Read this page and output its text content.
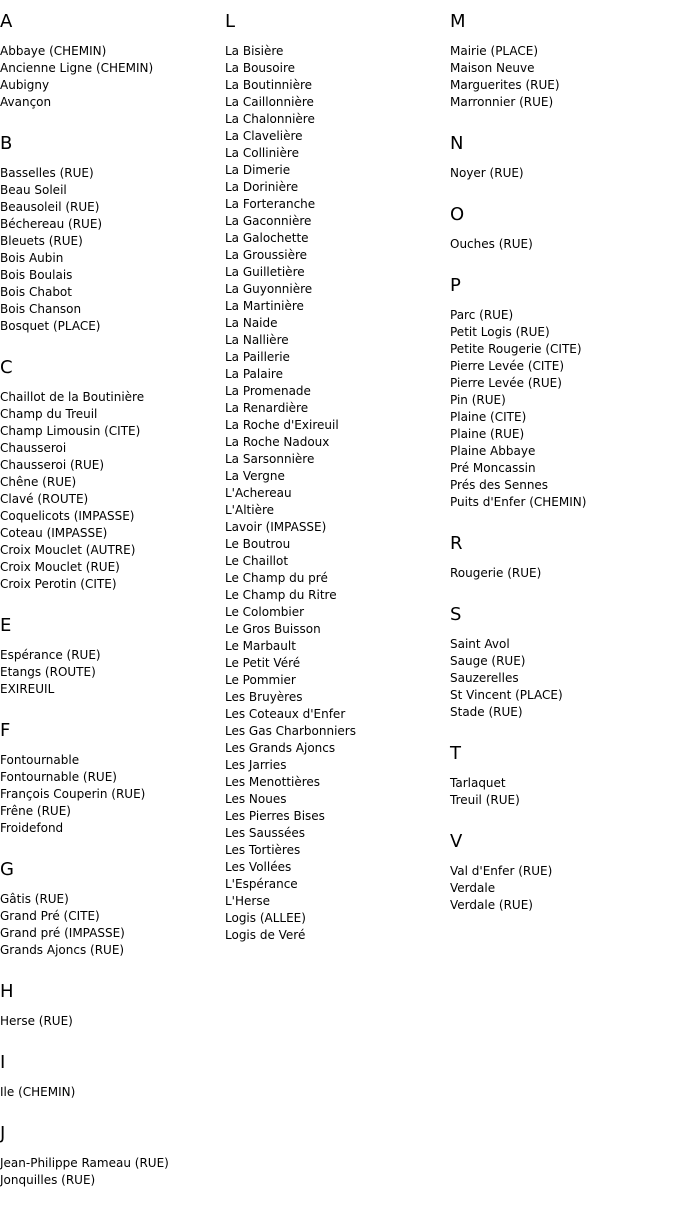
A
Abbaye (CHEMIN)
Ancienne Ligne (CHEMIN)
Aubigny
Avançon
B
Basselles (RUE)
Beau Soleil
Beausoleil (RUE)
Béchereau (RUE)
Bleuets (RUE)
Bois Aubin
Bois Boulais
Bois Chabot
Bois Chanson
Bosquet (PLACE)
C
Chaillot de la Boutinière
Champ du Treuil
Champ Limousin (CITE)
Chausseroi
Chausseroi (RUE)
Chêne (RUE)
Clavé (ROUTE)
Coquelicots (IMPASSE)
Coteau (IMPASSE)
Croix Mouclet (AUTRE)
Croix Mouclet (RUE)
Croix Perotin (CITE)
E
Espérance (RUE)
Etangs (ROUTE)
EXIREUIL
F
Fontournable
Fontournable (RUE)
François Couperin (RUE)
Frêne (RUE)
Froidefond
G
Gâtis (RUE)
Grand Pré (CITE)
Grand pré (IMPASSE)
Grands Ajoncs (RUE)
H
Herse (RUE)
I
Ile (CHEMIN)
J
Jean-Philippe Rameau (RUE)
Jonquilles (RUE)
L
La Bisière
La Bousoire
La Boutinnière
La Caillonnière
La Chalonnière
La Clavelière
La Collinière
La Dimerie
La Dorinière
La Forteranche
La Gaconnière
La Galochette
La Groussière
La Guilletière
La Guyonnière
La Martinière
La Naide
La Nallière
La Paillerie
La Palaire
La Promenade
La Renardière
La Roche d'Exireuil
La Roche Nadoux
La Sarsonnière
La Vergne
L'Achereau
L'Altière
Lavoir (IMPASSE)
Le Boutrou
Le Chaillot
Le Champ du pré
Le Champ du Ritre
Le Colombier
Le Gros Buisson
Le Marbault
Le Petit Véré
Le Pommier
Les Bruyères
Les Coteaux d'Enfer
Les Gas Charbonniers
Les Grands Ajoncs
Les Jarries
Les Menottières
Les Noues
Les Pierres Bises
Les Saussées
Les Tortières
Les Vollées
L'Espérance
L'Herse
Logis (ALLEE)
Logis de Veré
M
Mairie (PLACE)
Maison Neuve
Marguerites (RUE)
Marronnier (RUE)
N
Noyer (RUE)
O
Ouches (RUE)
P
Parc (RUE)
Petit Logis (RUE)
Petite Rougerie (CITE)
Pierre Levée (CITE)
Pierre Levée (RUE)
Pin (RUE)
Plaine (CITE)
Plaine (RUE)
Plaine Abbaye
Pré Moncassin
Prés des Sennes
Puits d'Enfer (CHEMIN)
R
Rougerie (RUE)
S
Saint Avol
Sauge (RUE)
Sauzerelles
St Vincent (PLACE)
Stade (RUE)
T
Tarlaquet
Treuil (RUE)
V
Val d'Enfer (RUE)
Verdale
Verdale (RUE)
